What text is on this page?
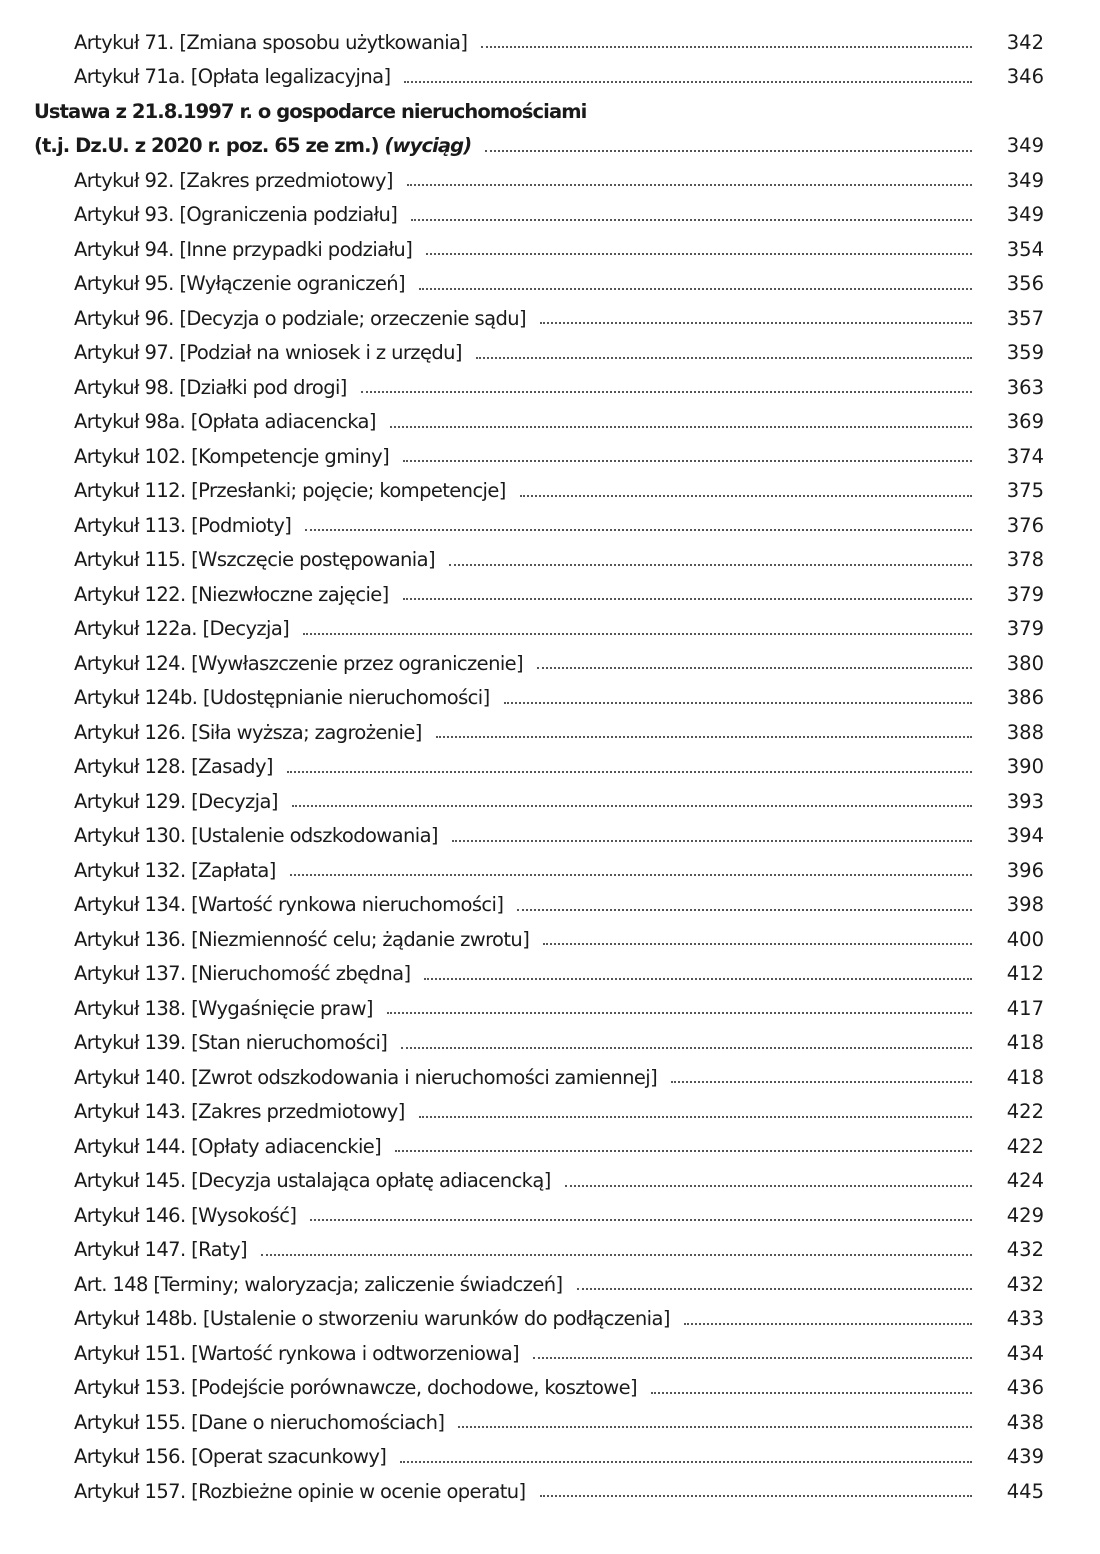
Artykuł 71. [Zmiana sposobu użytkowania]	342
Artykuł 71a. [Opłata legalizacyjna]	346
Ustawa z 21.8.1997 r. o gospodarce nieruchomościami
(t.j. Dz.U. z 2020 r. poz. 65 ze zm.) (wyciąg)	349
Artykuł 92. [Zakres przedmiotowy]	349
Artykuł 93. [Ograniczenia podziału]	349
Artykuł 94. [Inne przypadki podziału]	354
Artykuł 95. [Wyłączenie ograniczeń]	356
Artykuł 96. [Decyzja o podziale; orzeczenie sądu]	357
Artykuł 97. [Podział na wniosek i z urzędu]	359
Artykuł 98. [Działki pod drogi]	363
Artykuł 98a. [Opłata adiacencka]	369
Artykuł 102. [Kompetencje gminy]	374
Artykuł 112. [Przesłanki; pojęcie; kompetencje]	375
Artykuł 113. [Podmioty]	376
Artykuł 115. [Wszczęcie postępowania]	378
Artykuł 122. [Niezwłoczne zajęcie]	379
Artykuł 122a. [Decyzja]	379
Artykuł 124. [Wywłaszczenie przez ograniczenie]	380
Artykuł 124b. [Udostępnianie nieruchomości]	386
Artykuł 126. [Siła wyższa; zagrożenie]	388
Artykuł 128. [Zasady]	390
Artykuł 129. [Decyzja]	393
Artykuł 130. [Ustalenie odszkodowania]	394
Artykuł 132. [Zapłata]	396
Artykuł 134. [Wartość rynkowa nieruchomości]	398
Artykuł 136. [Niezmienność celu; żądanie zwrotu]	400
Artykuł 137. [Nieruchomość zbędna]	412
Artykuł 138. [Wygaśnięcie praw]	417
Artykuł 139. [Stan nieruchomości]	418
Artykuł 140. [Zwrot odszkodowania i nieruchomości zamiennej]	418
Artykuł 143. [Zakres przedmiotowy]	422
Artykuł 144. [Opłaty adiacenckie]	422
Artykuł 145. [Decyzja ustalająca opłatę adiacencką]	424
Artykuł 146. [Wysokość]	429
Artykuł 147. [Raty]	432
Art. 148 [Terminy; waloryzacja; zaliczenie świadczeń]	432
Artykuł 148b. [Ustalenie o stworzeniu warunków do podłączenia]	433
Artykuł 151. [Wartość rynkowa i odtworzeniowa]	434
Artykuł 153. [Podejście porównawcze, dochodowe, kosztowe]	436
Artykuł 155. [Dane o nieruchomościach]	438
Artykuł 156. [Operat szacunkowy]	439
Artykuł 157. [Rozbieżne opinie w ocenie operatu]	445
